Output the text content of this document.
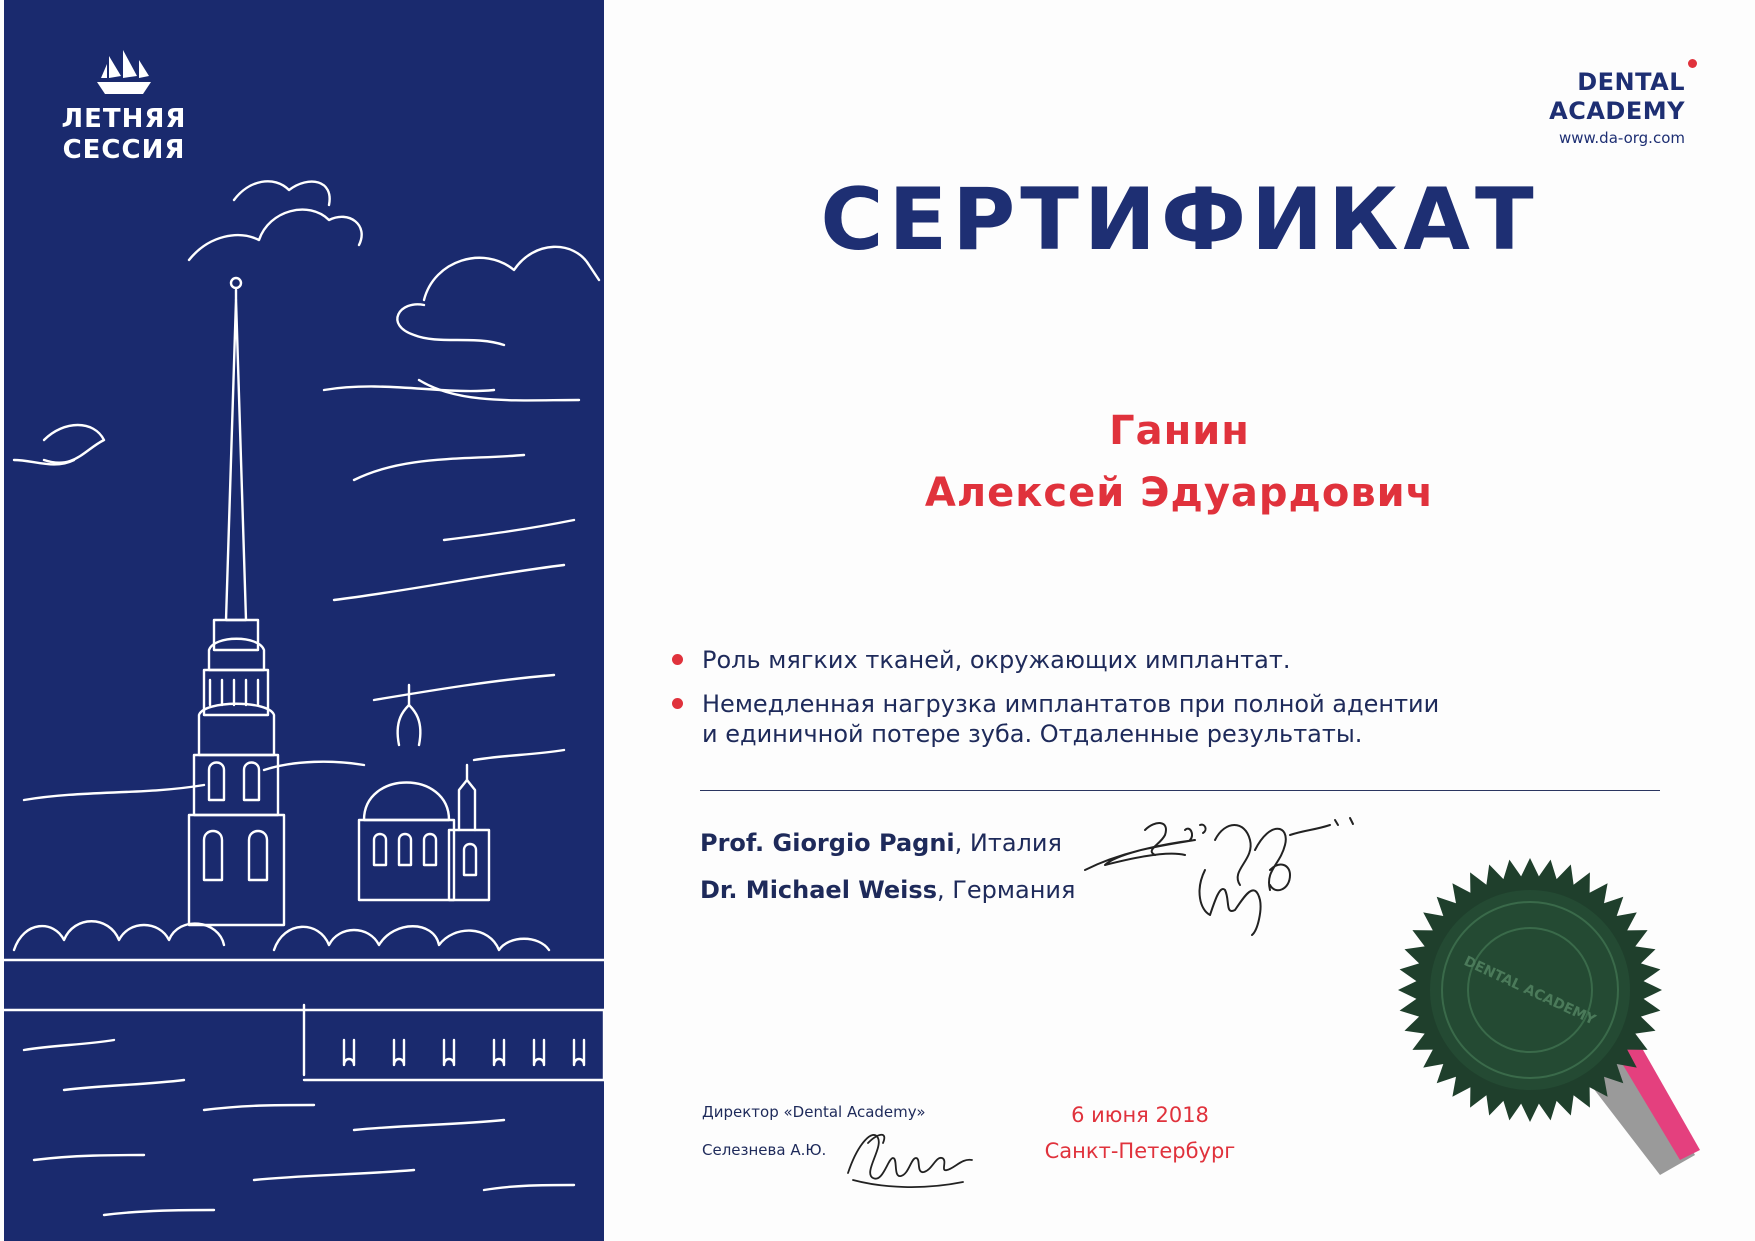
ЛЕТНЯЯ
СЕССИЯ
DENTAL
ACADEMY
www.da-org.com
СЕРТИФИКАТ
Ганин
Алексей Эдуардович
Роль мягких тканей, окружающих имплантат.
Немедленная нагрузка имплантатов при полной адентии
и единичной потере зуба. Отдаленные результаты.
Prof. Giorgio Pagni, Италия
Dr. Michael Weiss, Германия
Директор «Dental Academy»
Селезнева А.Ю.
6 июня 2018
Санкт-Петербург
DENTAL ACADEMY
